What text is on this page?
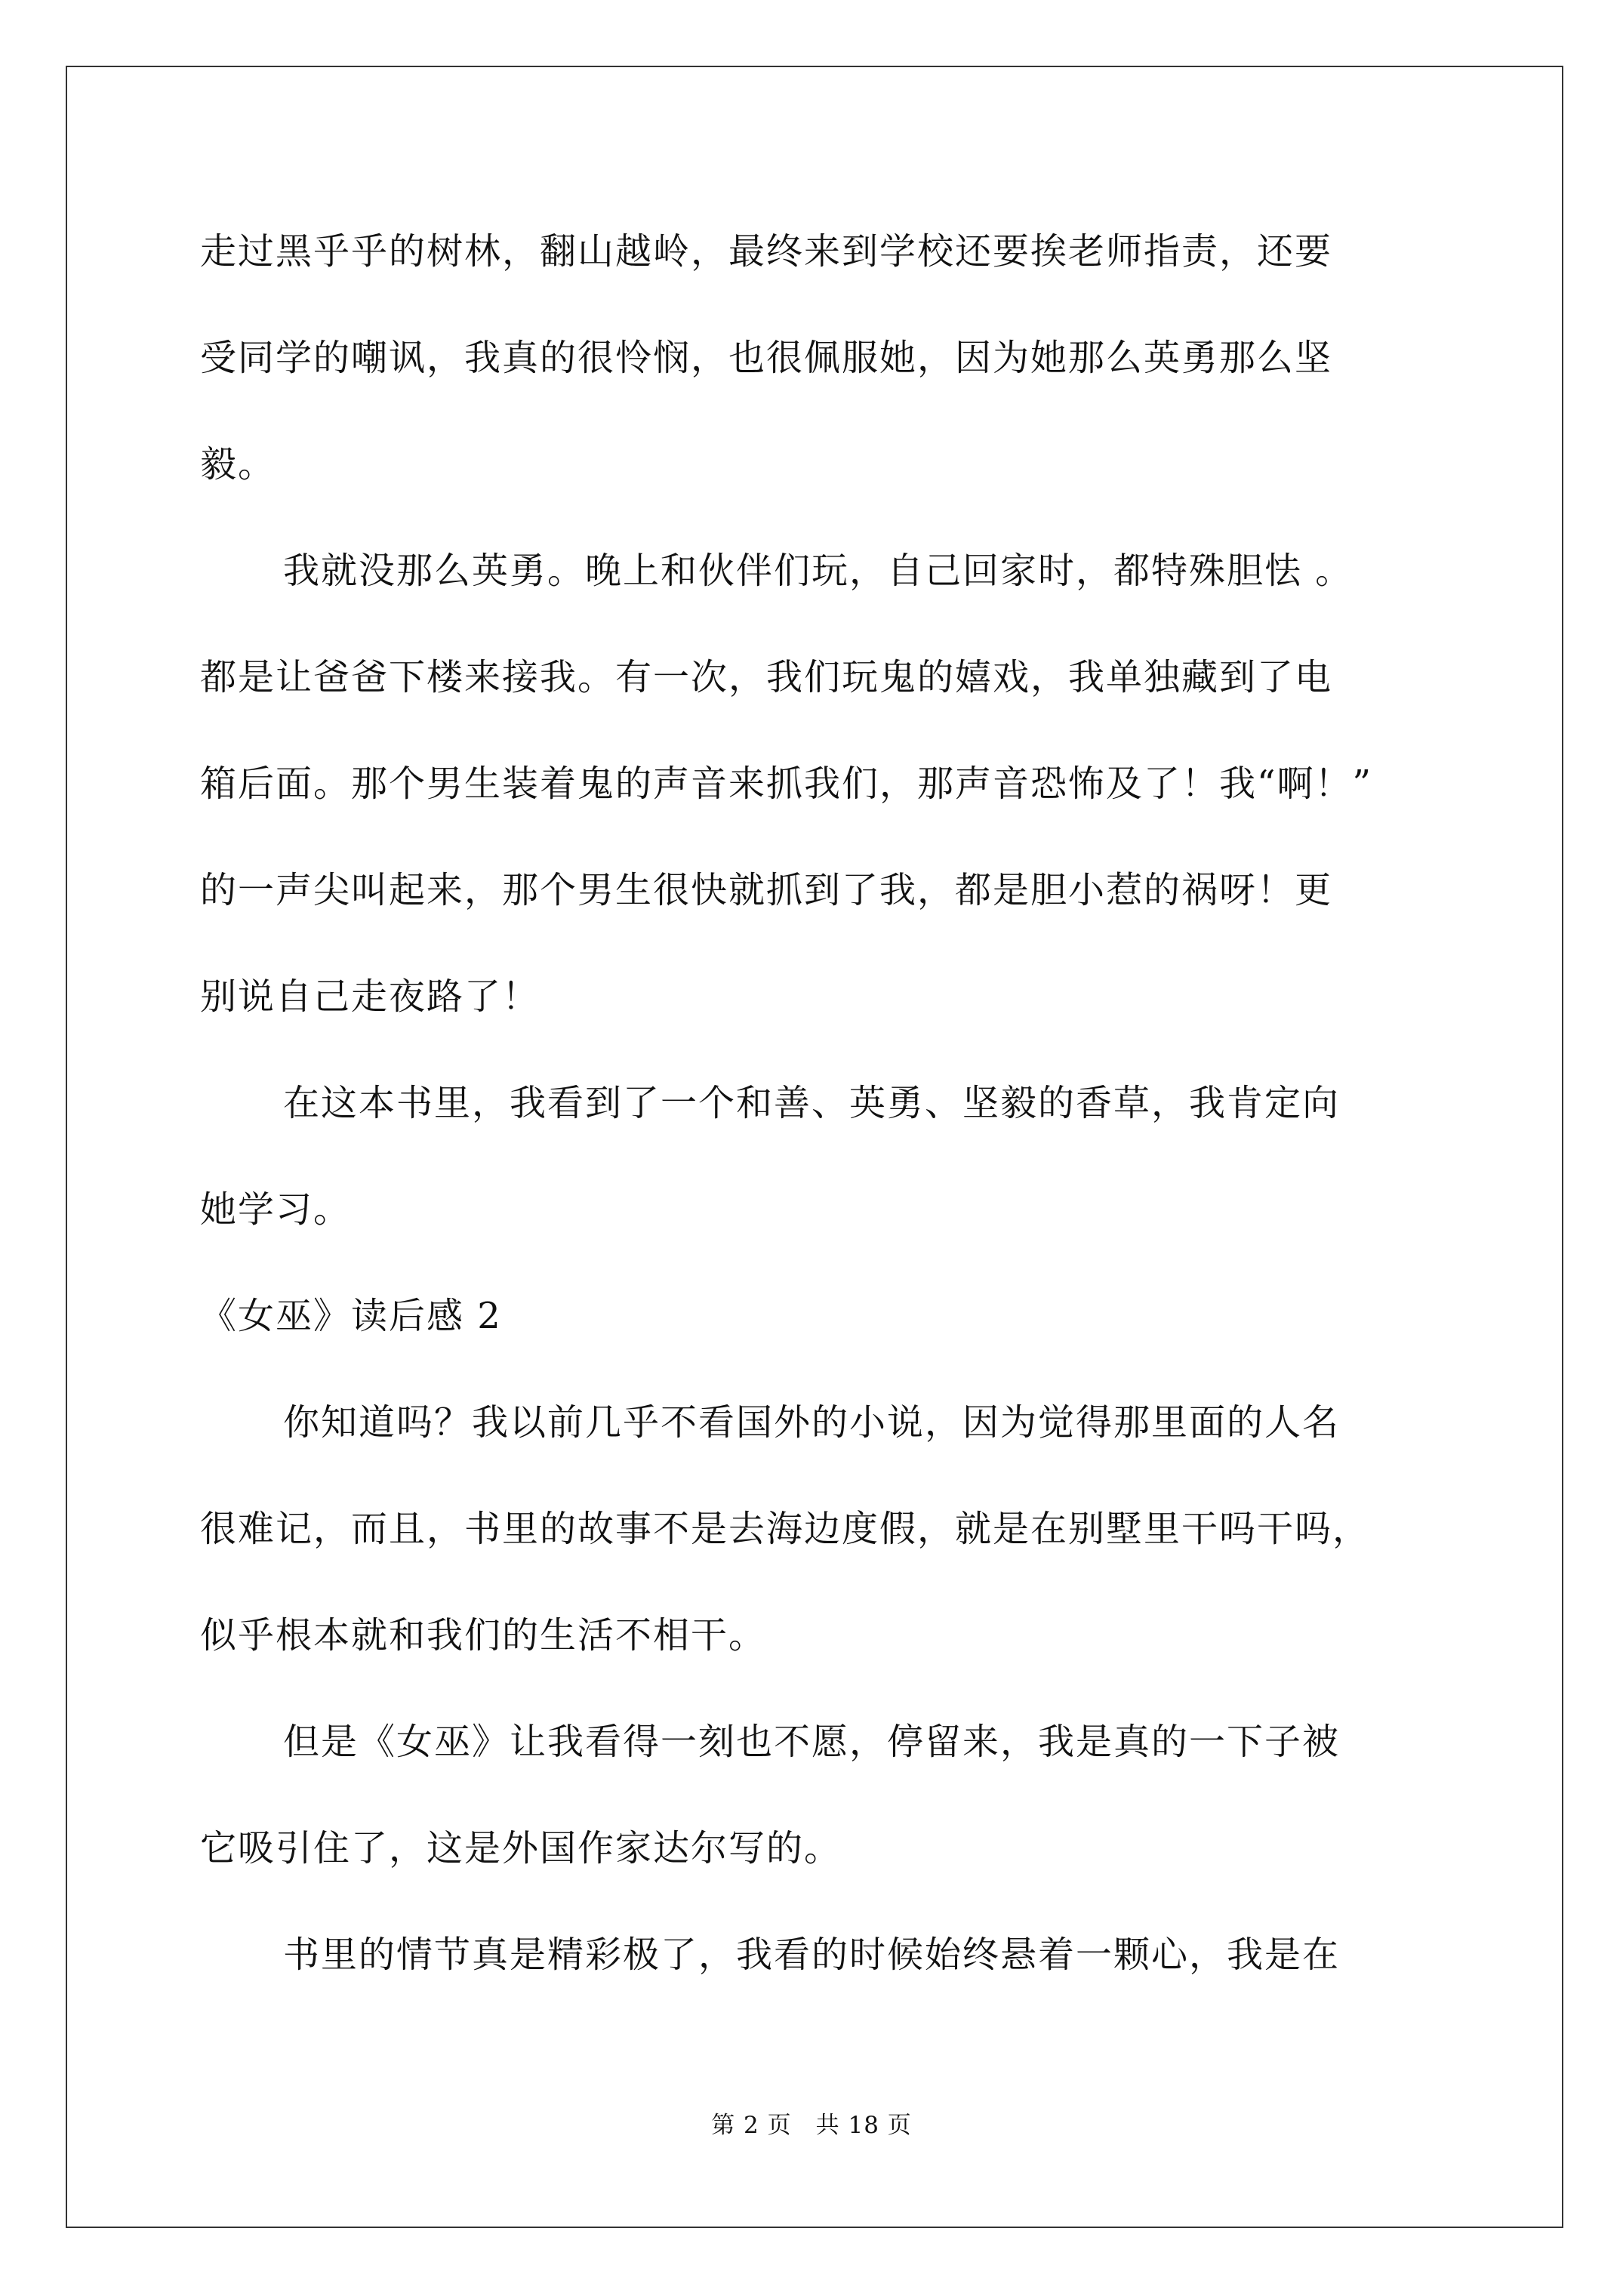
走过黑乎乎的树林，翻山越岭，最终来到学校还要挨老师指责，还要
受同学的嘲讽，我真的很怜悯，也很佩服她，因为她那么英勇那么坚
毅。
我就没那么英勇。晚上和伙伴们玩，自己回家时，都特殊胆怯 。
都是让爸爸下楼来接我。有一次，我们玩鬼的嬉戏，我单独藏到了电
箱后面。那个男生装着鬼的声音来抓我们，那声音恐怖及了！我“啊！”
的一声尖叫起来，那个男生很快就抓到了我，都是胆小惹的祸呀！更
别说自己走夜路了！
在这本书里，我看到了一个和善、英勇、坚毅的香草，我肯定向
她学习。
《女巫》读后感 2
你知道吗？我以前几乎不看国外的小说，因为觉得那里面的人名
很难记，而且，书里的故事不是去海边度假，就是在别墅里干吗干吗，
似乎根本就和我们的生活不相干。
但是《女巫》让我看得一刻也不愿，停留来，我是真的一下子被
它吸引住了，这是外国作家达尔写的。
书里的情节真是精彩极了，我看的时候始终悬着一颗心，我是在
第 2 页　共 18 页
